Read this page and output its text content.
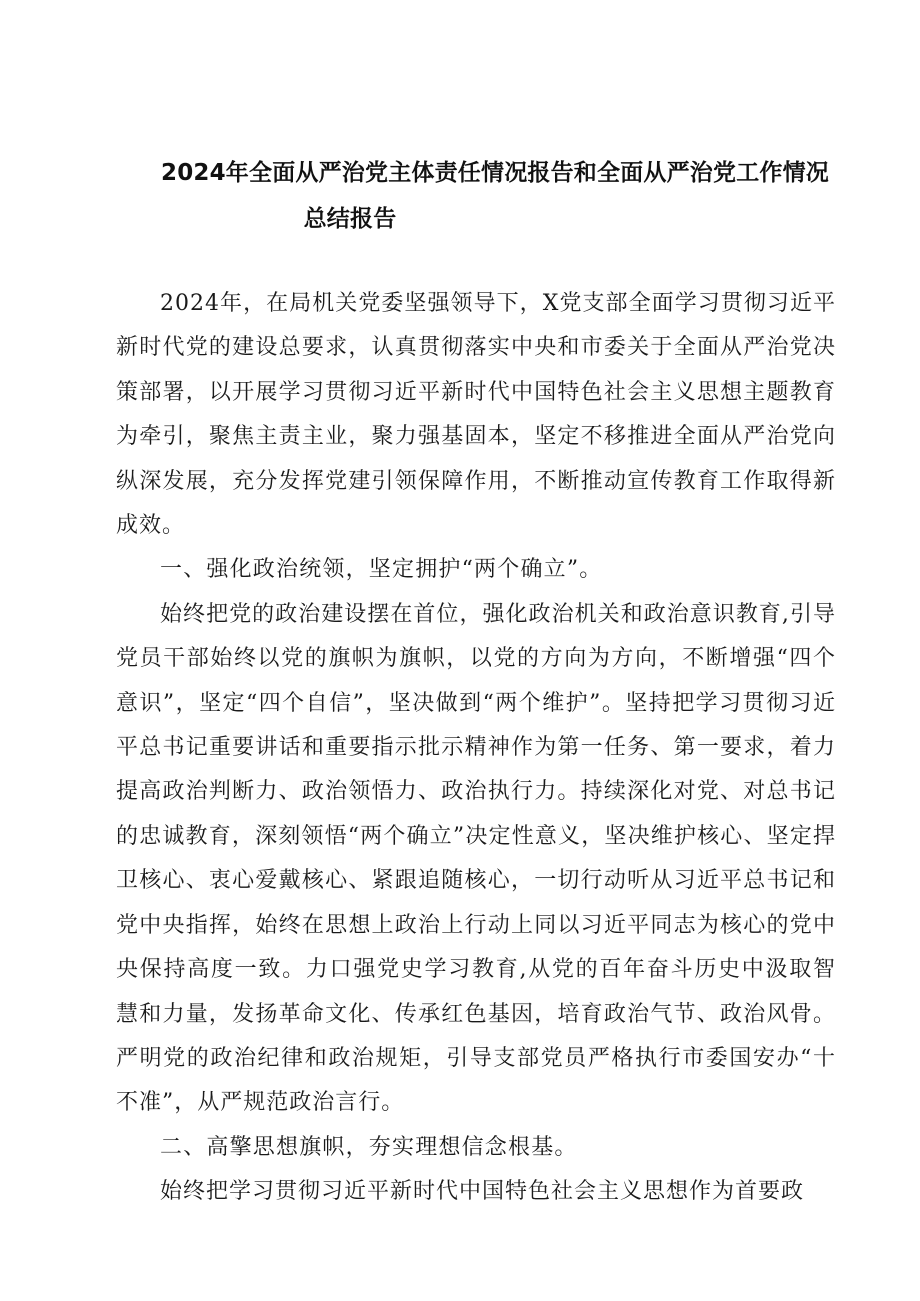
2024年全面从严治党主体责任情况报告和全面从严治党工作情况
总结报告

2024年，在局机关党委坚强领导下，X党支部全面学习贯彻习近平新时代党的建设总要求，认真贯彻落实中央和市委关于全面从严治党决策部署，以开展学习贯彻习近平新时代中国特色社会主义思想主题教育为牵引，聚焦主责主业，聚力强基固本，坚定不移推进全面从严治党向纵深发展，充分发挥党建引领保障作用，不断推动宣传教育工作取得新成效。

一、强化政治统领，坚定拥护“两个确立”。

始终把党的政治建设摆在首位，强化政治机关和政治意识教育,引导党员干部始终以党的旗帜为旗帜，以党的方向为方向，不断增强“四个意识”，坚定“四个自信”，坚决做到“两个维护”。坚持把学习贯彻习近平总书记重要讲话和重要指示批示精神作为第一任务、第一要求，着力提高政治判断力、政治领悟力、政治执行力。持续深化对党、对总书记的忠诚教育，深刻领悟“两个确立”决定性意义，坚决维护核心、坚定捍卫核心、衷心爱戴核心、紧跟追随核心，一切行动听从习近平总书记和党中央指挥，始终在思想上政治上行动上同以习近平同志为核心的党中央保持高度一致。力口强党史学习教育,从党的百年奋斗历史中汲取智慧和力量，发扬革命文化、传承红色基因，培育政治气节、政治风骨。严明党的政治纪律和政治规矩，引导支部党员严格执行市委国安办“十不准”，从严规范政治言行。

二、高擎思想旗帜，夯实理想信念根基。

始终把学习贯彻习近平新时代中国特色社会主义思想作为首要政
